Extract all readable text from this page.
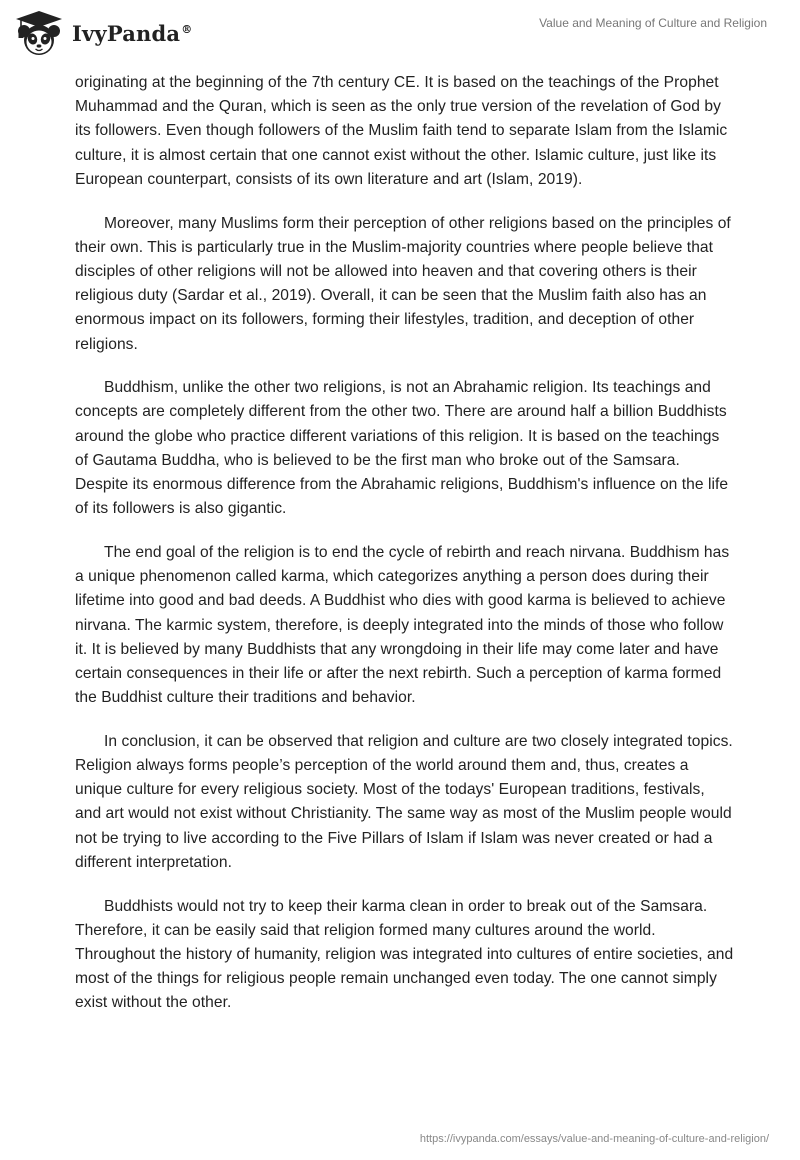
IvyPanda®	Value and Meaning of Culture and Religion

originating at the beginning of the 7th century CE. It is based on the teachings of the Prophet Muhammad and the Quran, which is seen as the only true version of the revelation of God by its followers. Even though followers of the Muslim faith tend to separate Islam from the Islamic culture, it is almost certain that one cannot exist without the other. Islamic culture, just like its European counterpart, consists of its own literature and art (Islam, 2019).

Moreover, many Muslims form their perception of other religions based on the principles of their own. This is particularly true in the Muslim-majority countries where people believe that disciples of other religions will not be allowed into heaven and that covering others is their religious duty (Sardar et al., 2019). Overall, it can be seen that the Muslim faith also has an enormous impact on its followers, forming their lifestyles, tradition, and deception of other religions.

Buddhism, unlike the other two religions, is not an Abrahamic religion. Its teachings and concepts are completely different from the other two. There are around half a billion Buddhists around the globe who practice different variations of this religion. It is based on the teachings of Gautama Buddha, who is believed to be the first man who broke out of the Samsara. Despite its enormous difference from the Abrahamic religions, Buddhism's influence on the life of its followers is also gigantic.

The end goal of the religion is to end the cycle of rebirth and reach nirvana. Buddhism has a unique phenomenon called karma, which categorizes anything a person does during their lifetime into good and bad deeds. A Buddhist who dies with good karma is believed to achieve nirvana. The karmic system, therefore, is deeply integrated into the minds of those who follow it. It is believed by many Buddhists that any wrongdoing in their life may come later and have certain consequences in their life or after the next rebirth. Such a perception of karma formed the Buddhist culture their traditions and behavior.

In conclusion, it can be observed that religion and culture are two closely integrated topics. Religion always forms people’s perception of the world around them and, thus, creates a unique culture for every religious society. Most of the todays' European traditions, festivals, and art would not exist without Christianity. The same way as most of the Muslim people would not be trying to live according to the Five Pillars of Islam if Islam was never created or had a different interpretation.

Buddhists would not try to keep their karma clean in order to break out of the Samsara. Therefore, it can be easily said that religion formed many cultures around the world. Throughout the history of humanity, religion was integrated into cultures of entire societies, and most of the things for religious people remain unchanged even today. The one cannot simply exist without the other.

https://ivypanda.com/essays/value-and-meaning-of-culture-and-religion/
